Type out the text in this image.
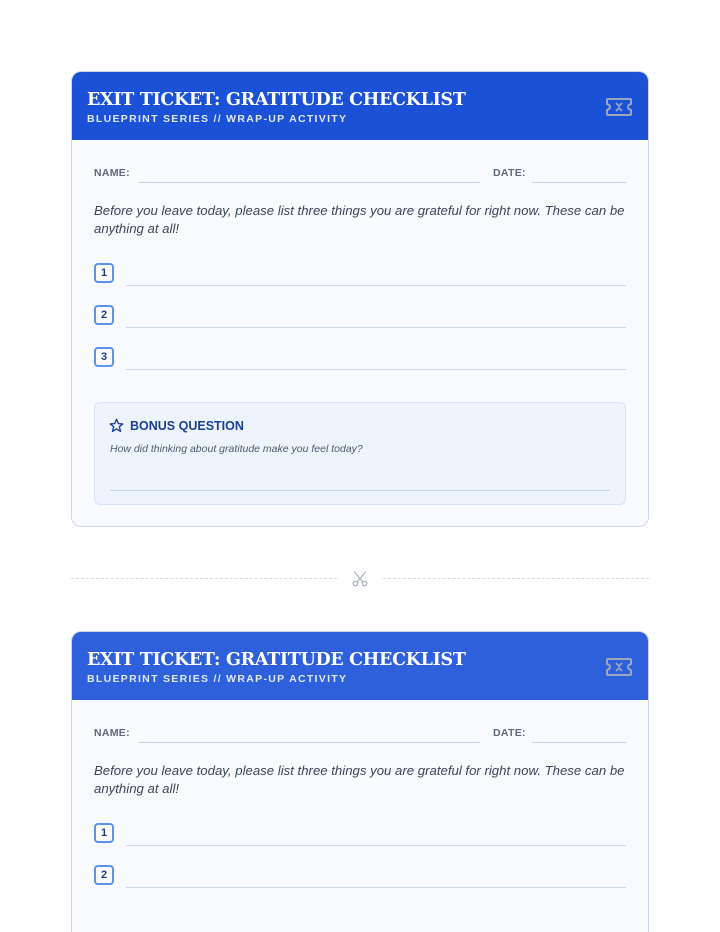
EXIT TICKET: GRATITUDE CHECKLIST
BLUEPRINT SERIES // WRAP-UP ACTIVITY
NAME:	DATE:
Before you leave today, please list three things you are grateful for right now. These can be anything at all!
1
2
3
BONUS QUESTION
How did thinking about gratitude make you feel today?
EXIT TICKET: GRATITUDE CHECKLIST
BLUEPRINT SERIES // WRAP-UP ACTIVITY
NAME:	DATE:
Before you leave today, please list three things you are grateful for right now. These can be anything at all!
1
2
